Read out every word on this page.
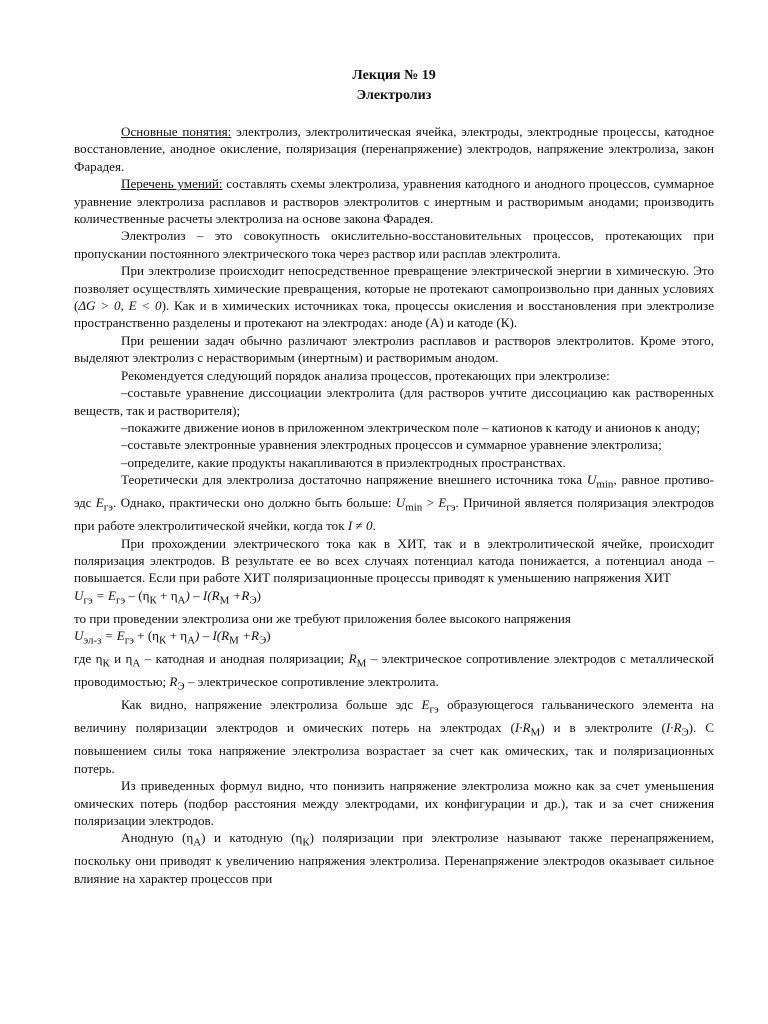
Лекция № 19
Электролиз

Основные понятия: электролиз, электролитическая ячейка, электроды, электродные процессы, катодное восстановление, анодное окисление, поляризация (перенапряжение) электродов, напряжение электролиза, закон Фарадея.

Перечень умений: составлять схемы электролиза, уравнения катодного и анодного процессов, суммарное уравнение электролиза расплавов и растворов электролитов с инертным и растворимым анодами; производить количественные расчеты электролиза на основе закона Фарадея.

Электролиз – это совокупность окислительно-восстановительных процессов, протекающих при пропускании постоянного электрического тока через раствор или расплав электролита.

При электролизе происходит непосредственное превращение электрической энергии в химическую. Это позволяет осуществлять химические превращения, которые не протекают самопроизвольно при данных условиях (ΔG > 0, E < 0). Как и в химических источниках тока, процессы окисления и восстановления при электролизе пространственно разделены и протекают на электродах: аноде (А) и катоде (К).

При решении задач обычно различают электролиз расплавов и растворов электролитов. Кроме этого, выделяют электролиз с нерастворимым (инертным) и растворимым анодом.

Рекомендуется следующий порядок анализа процессов, протекающих при электролизе:

–составьте уравнение диссоциации электролита (для растворов учтите диссоциацию как растворенных веществ, так и растворителя);

–покажите движение ионов в приложенном электрическом поле – катионов к катоду и анионов к аноду;

–составьте электронные уравнения электродных процессов и суммарное уравнение электролиза;

–определите, какие продукты накапливаются в приэлектродных пространствах.

Теоретически для электролиза достаточно напряжение внешнего источника тока $U_{min}$, равное противо-эдс $E_{гэ}$. Однако, практически оно должно быть больше: $U_{min} > E_{гэ}$. Причиной является поляризация электродов при работе электролитической ячейки, когда ток I ≠ 0.

При прохождении электрического тока как в ХИТ, так и в электролитической ячейке, происходит поляризация электродов. В результате ее во всех случаях потенциал катода понижается, а потенциал анода – повышается. Если при работе ХИТ поляризационные процессы приводят к уменьшению напряжения ХИТ

$U_{гэ} = E_{гэ} - (\eta_К + \eta_А) - I(R_М +R_Э)$

то при проведении электролиза они же требуют приложения более высокого напряжения

$U_{эл-з} = E_{гэ} + (\eta_К + \eta_А) - I(R_М +R_Э)$

где $\eta_К$ и $\eta_А$ – катодная и анодная поляризации; $R_М$ – электрическое сопротивление электродов с металлической проводимостью; $R_Э$ – электрическое сопротивление электролита.

Как видно, напряжение электролиза больше эдс $E_{гэ}$ образующегося гальванического элемента на величину поляризации электродов и омических потерь на электродах $(I\cdot R_М)$ и в электролите $(I\cdot R_Э)$. С повышением силы тока напряжение электролиза возрастает за счет как омических, так и поляризационных потерь.

Из приведенных формул видно, что понизить напряжение электролиза можно как за счет уменьшения омических потерь (подбор расстояния между электродами, их конфигурации и др.), так и за счет снижения поляризации электродов.

Анодную $(\eta_А)$ и катодную $(\eta_К)$ поляризации при электролизе называют также перенапряжением, поскольку они приводят к увеличению напряжения электролиза. Перенапряжение электродов оказывает сильное влияние на характер процессов при
